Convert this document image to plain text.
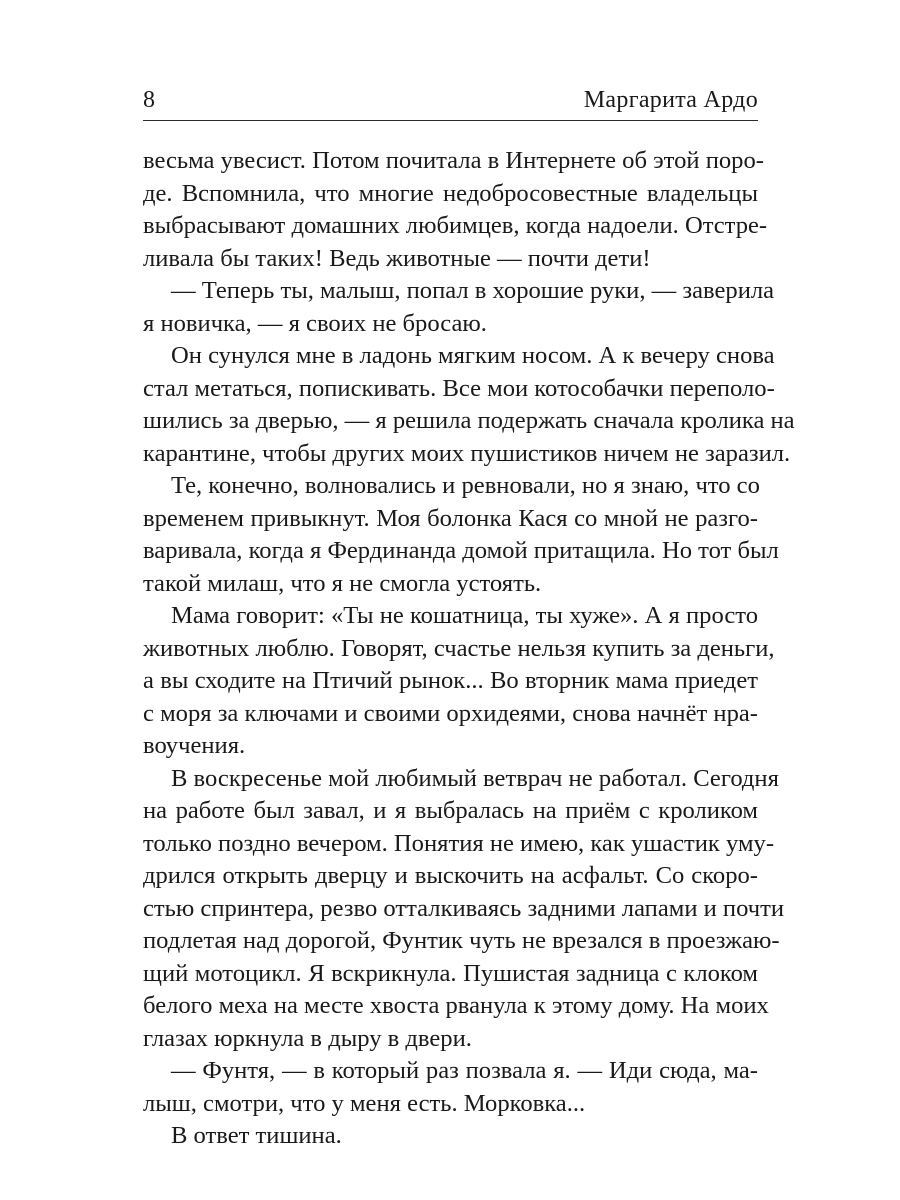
8	Маргарита Ардо
весьма увесист. Потом почитала в Интернете об этой поро-
де. Вспомнила, что многие недобросовестные владельцы
выбрасывают домашних любимцев, когда надоели. Отстре-
ливала бы таких! Ведь животные — почти дети!
— Теперь ты, малыш, попал в хорошие руки, — заверила
я новичка, — я своих не бросаю.
Он сунулся мне в ладонь мягким носом. А к вечеру снова
стал метаться, попискивать. Все мои котособачки переполо-
шились за дверью, — я решила подержать сначала кролика на
карантине, чтобы других моих пушистиков ничем не заразил.
Те, конечно, волновались и ревновали, но я знаю, что со
временем привыкнут. Моя болонка Кася со мной не разго-
варивала, когда я Фердинанда домой притащила. Но тот был
такой милаш, что я не смогла устоять.
Мама говорит: «Ты не кошатница, ты хуже». А я просто
животных люблю. Говорят, счастье нельзя купить за деньги,
а вы сходите на Птичий рынок... Во вторник мама приедет
с моря за ключами и своими орхидеями, снова начнёт нра-
воучения.
В воскресенье мой любимый ветврач не работал. Сегодня
на работе был завал, и я выбралась на приём с кроликом
только поздно вечером. Понятия не имею, как ушастик уму-
дрился открыть дверцу и выскочить на асфальт. Со скоро-
стью спринтера, резво отталкиваясь задними лапами и почти
подлетая над дорогой, Фунтик чуть не врезался в проезжаю-
щий мотоцикл. Я вскрикнула. Пушистая задница с клоком
белого меха на месте хвоста рванула к этому дому. На моих
глазах юркнула в дыру в двери.
— Фунтя, — в который раз позвала я. — Иди сюда, ма-
лыш, смотри, что у меня есть. Морковка...
В ответ тишина.
